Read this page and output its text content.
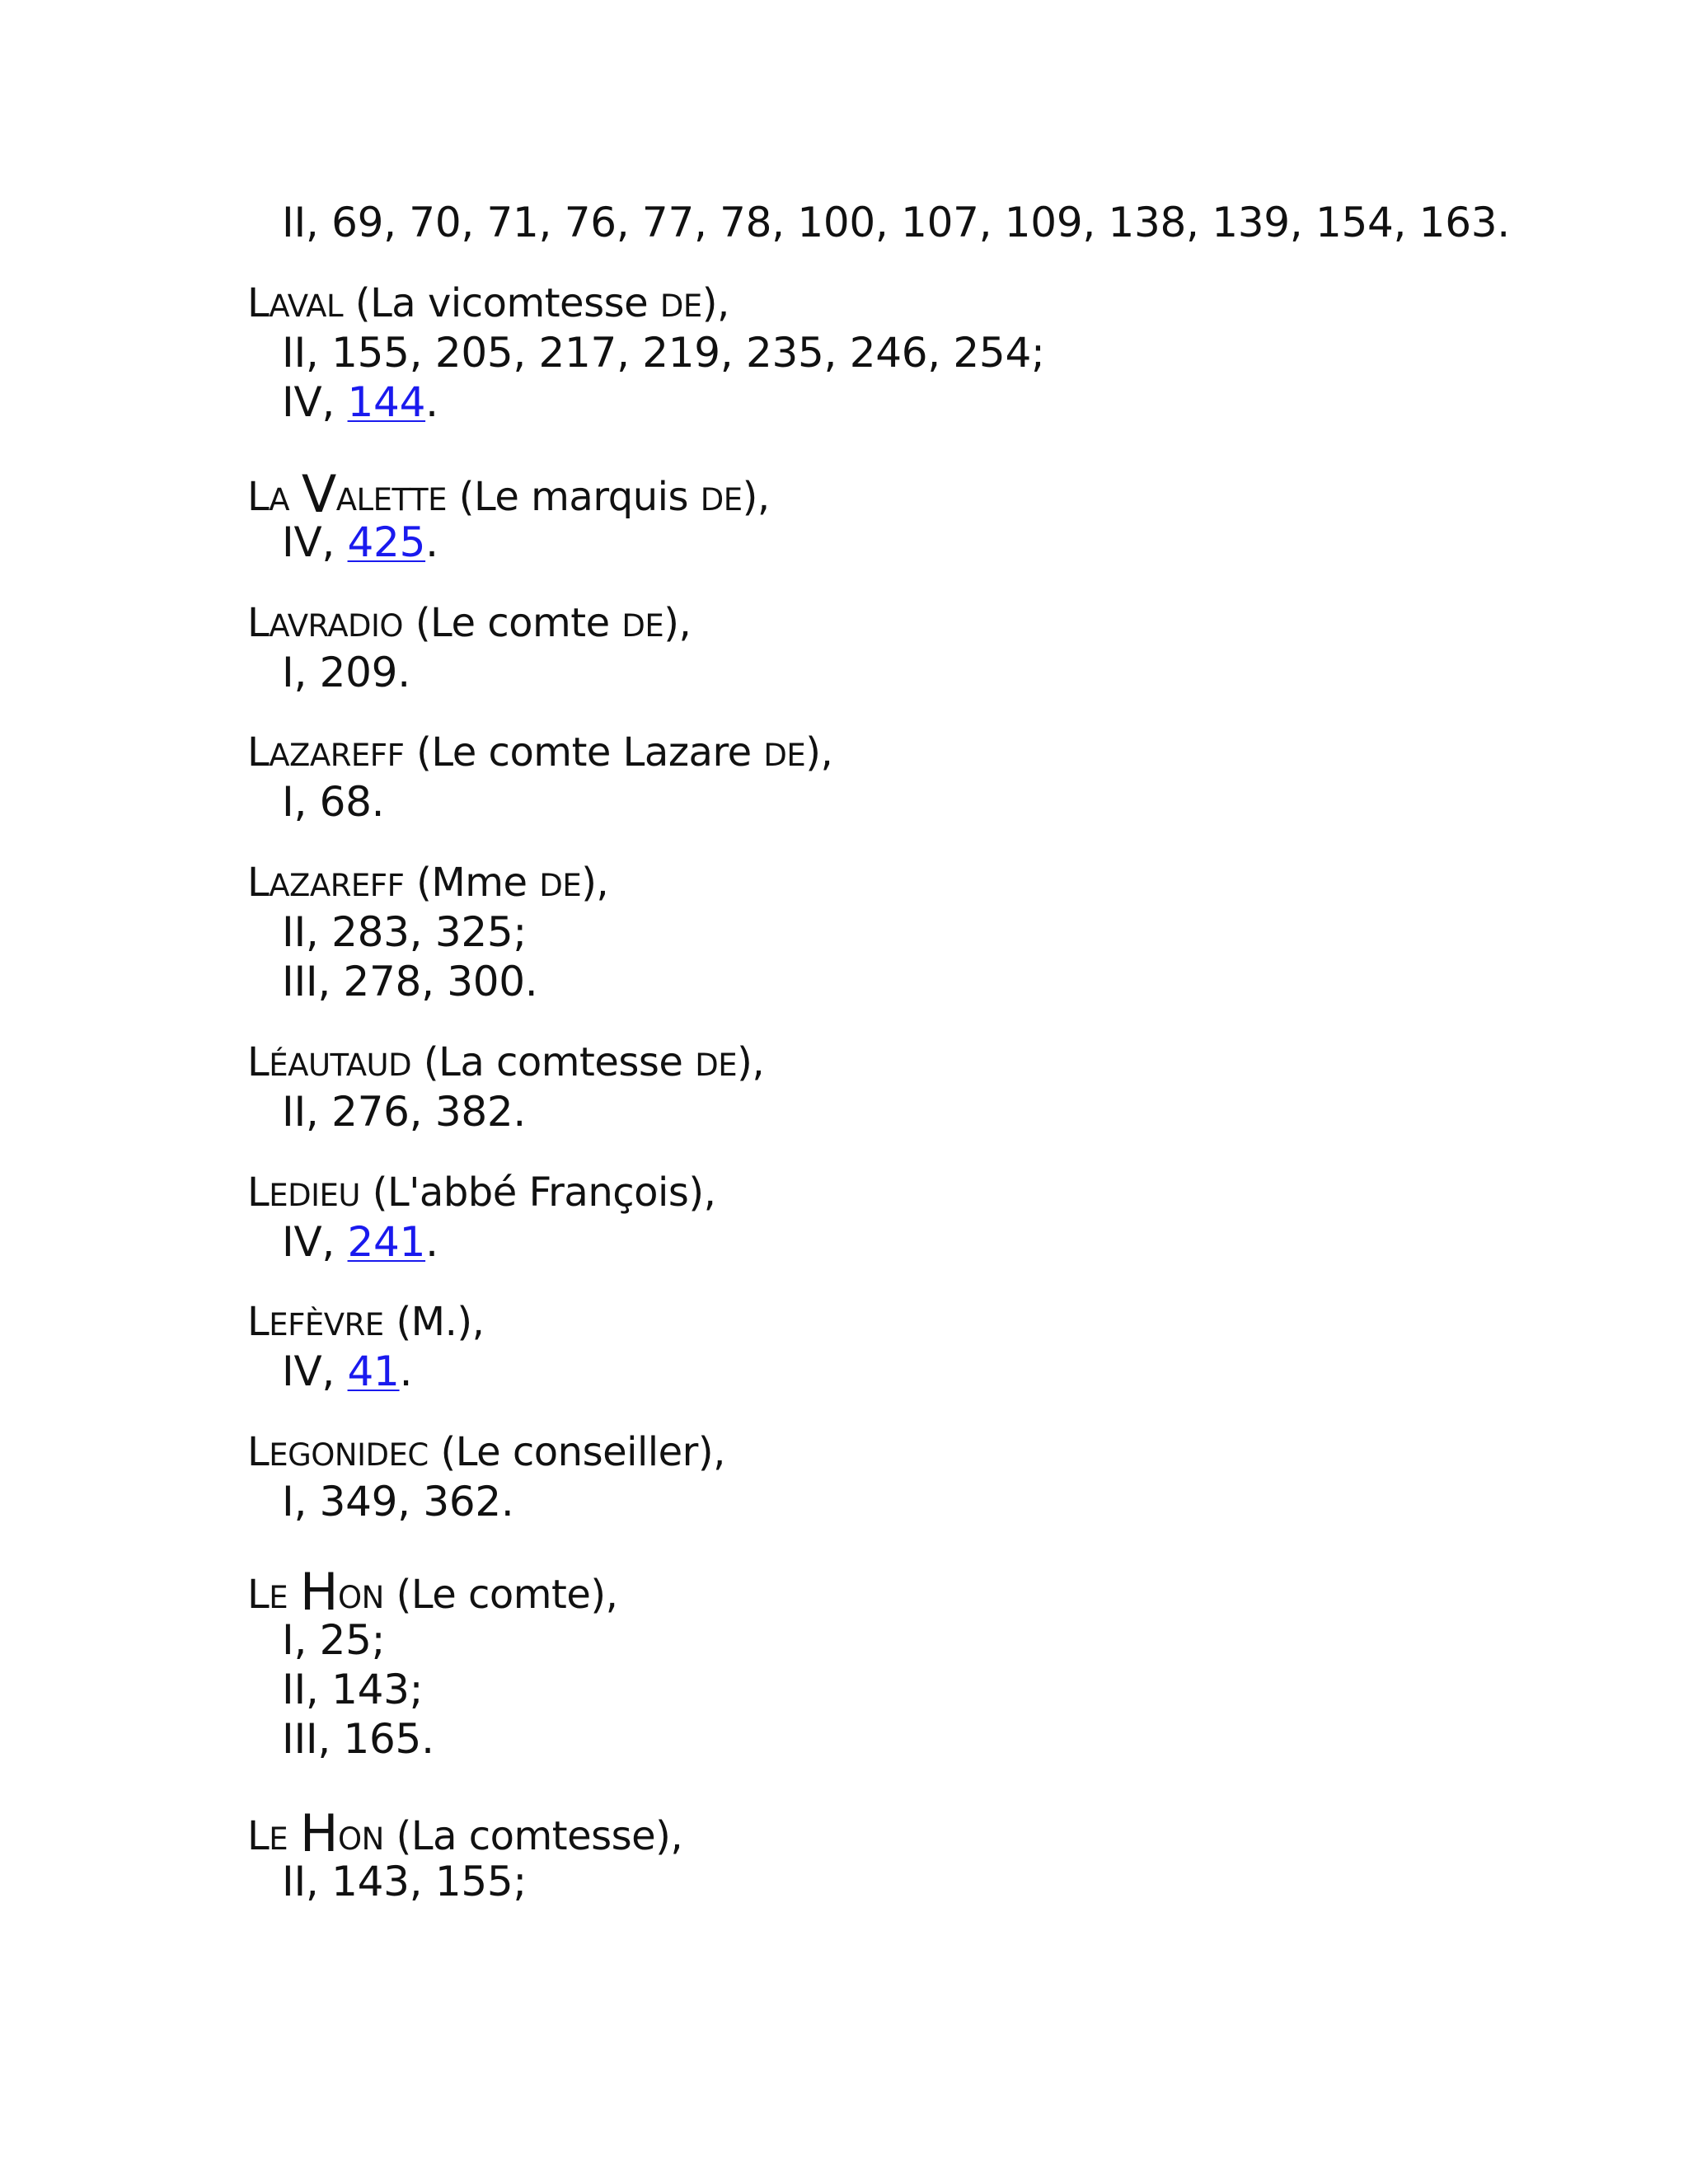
II, 69, 70, 71, 76, 77, 78, 100, 107, 109, 138, 139, 154, 163.
LAVAL (La vicomtesse DE),
II, 155, 205, 217, 219, 235, 246, 254;
IV, 144.
LA VALETTE (Le marquis DE),
IV, 425.
LAVRADIO (Le comte DE),
I, 209.
LAZAREFF (Le comte Lazare DE),
I, 68.
LAZAREFF (Mme DE),
II, 283, 325;
III, 278, 300.
LÉAUTAUD (La comtesse DE),
II, 276, 382.
LEDIEU (L'abbé François),
IV, 241.
LEFÈVRE (M.),
IV, 41.
LEGONIDEC (Le conseiller),
I, 349, 362.
LE HON (Le comte),
I, 25;
II, 143;
III, 165.
LE HON (La comtesse),
II, 143, 155;
